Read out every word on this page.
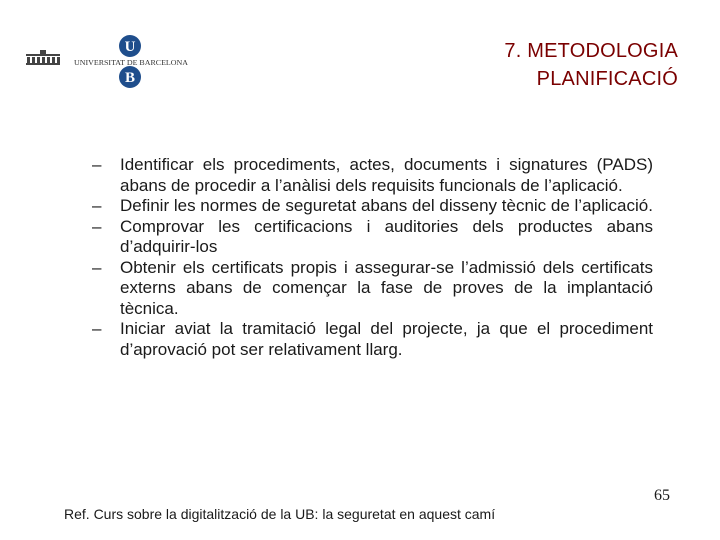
U
B
UNIVERSITAT DE BARCELONA
7. METODOLOGIA
PLANIFICACIÓ
– Identificar els procediments, actes, documents i signatures (PADS) abans de procedir a l’anàlisi dels requisits funcionals de l’aplicació.
– Definir les normes de seguretat abans del disseny tècnic de l’aplicació.
– Comprovar les certificacions i auditories dels productes abans d’adquirir-los
– Obtenir els certificats propis i assegurar-se l’admissió dels certificats externs abans de començar la fase de proves de la implantació tècnica.
– Iniciar aviat la tramitació legal del projecte, ja que el procediment d’aprovació pot ser relativament llarg.
65
Ref. Curs sobre la digitalització de la UB: la seguretat en aquest camí
